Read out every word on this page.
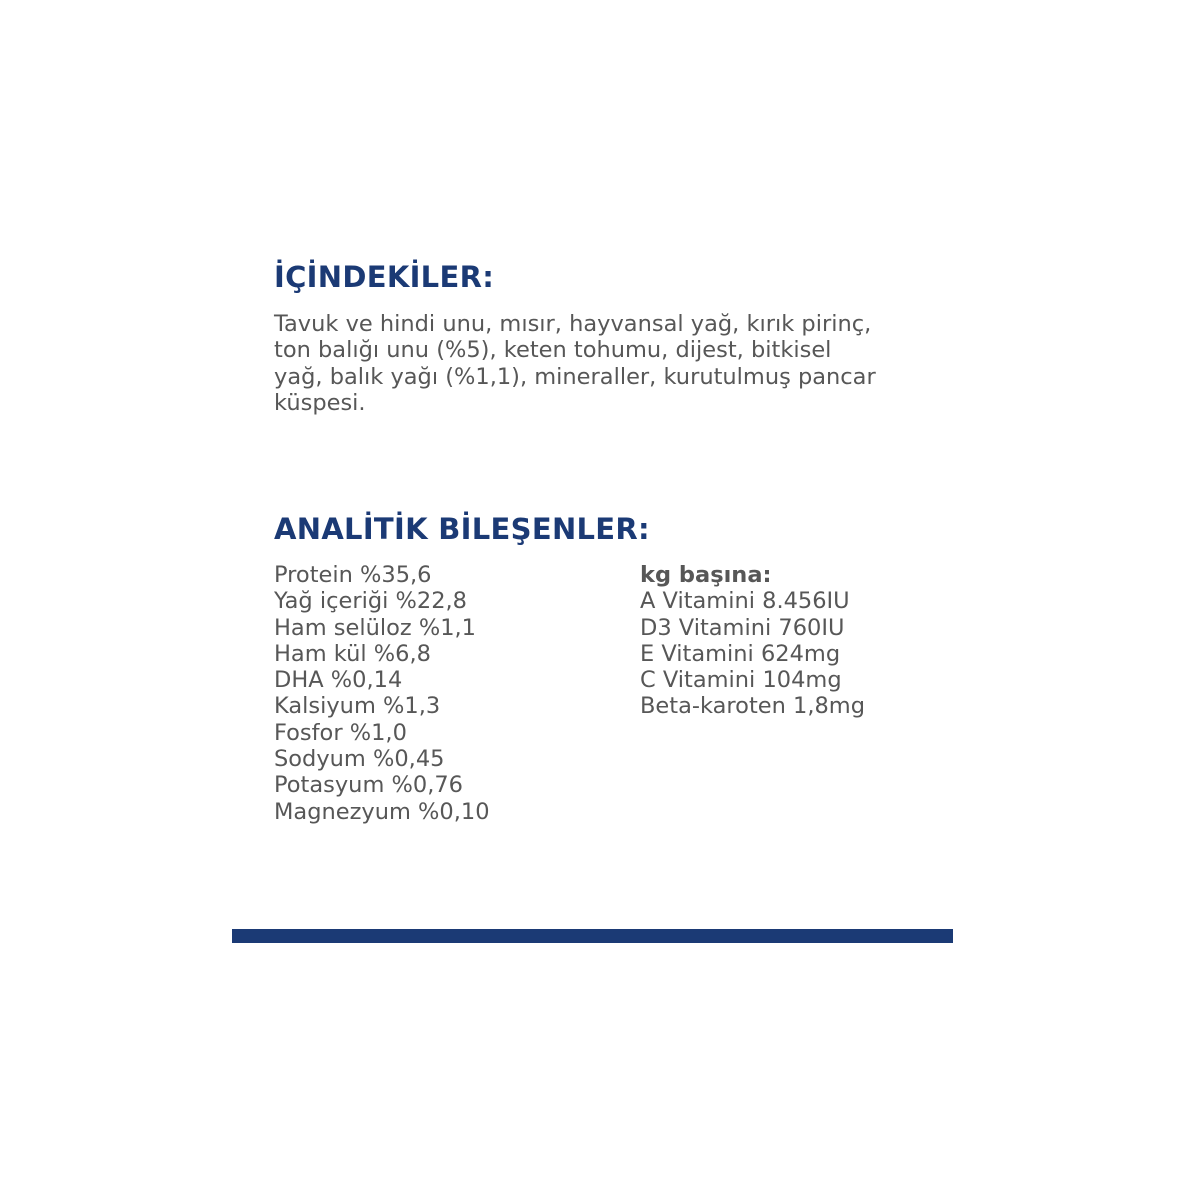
İÇİNDEKİLER:

Tavuk ve hindi unu, mısır, hayvansal yağ, kırık pirinç,
ton balığı unu (%5), keten tohumu, dijest, bitkisel
yağ, balık yağı (%1,1), mineraller, kurutulmuş pancar
küspesi.

ANALİTİK BİLEŞENLER:
Protein %35,6
Yağ içeriği %22,8
Ham selüloz %1,1
Ham kül %6,8
DHA %0,14
Kalsiyum %1,3
Fosfor %1,0
Sodyum %0,45
Potasyum %0,76
Magnezyum %0,10
kg başına:
A Vitamini 8.456IU
D3 Vitamini 760IU
E Vitamini 624mg
C Vitamini 104mg
Beta-karoten 1,8mg
